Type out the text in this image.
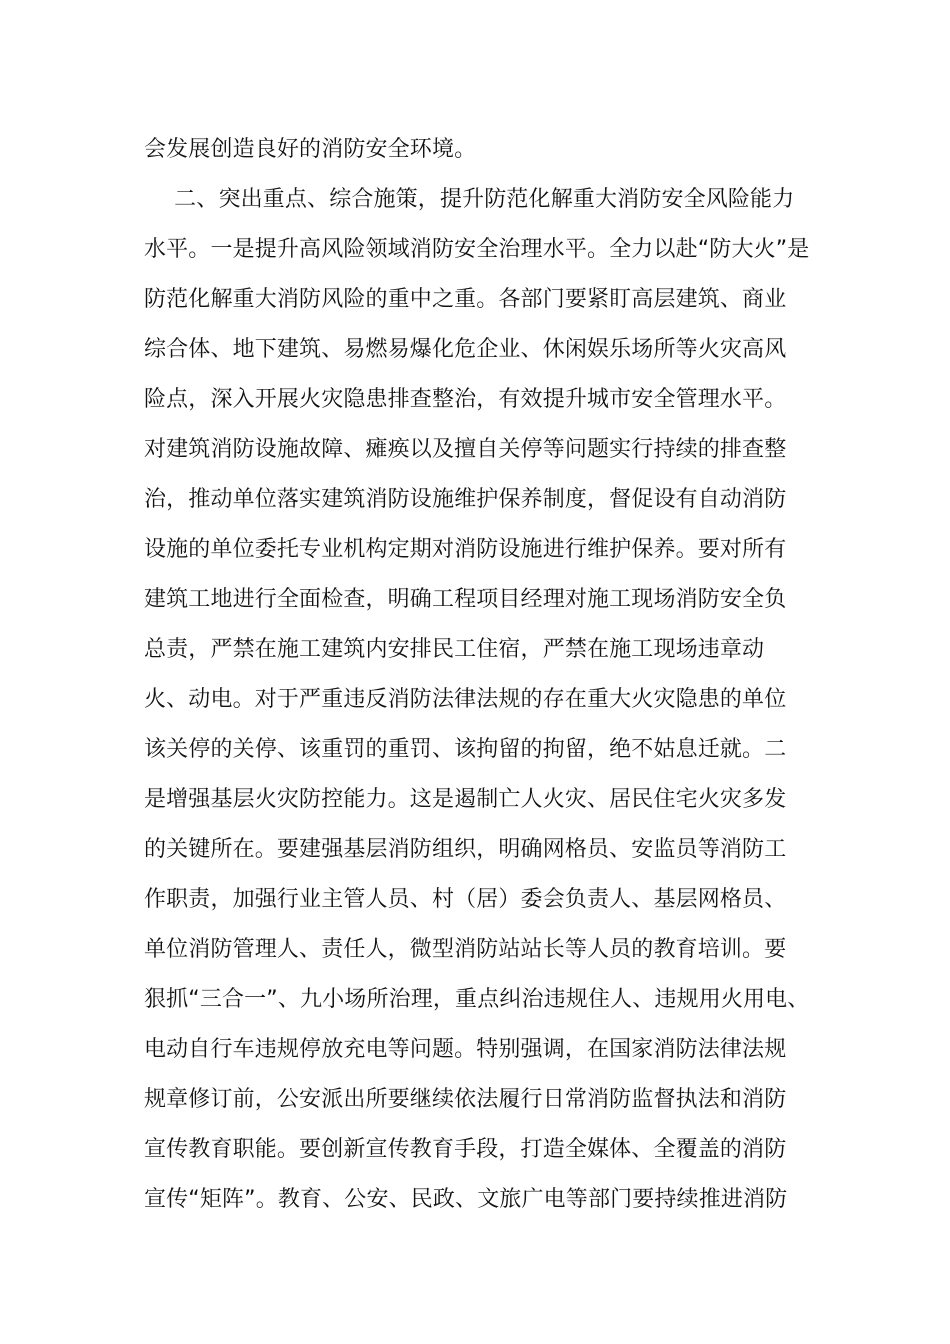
会发展创造良好的消防安全环境。
　二、突出重点、综合施策，提升防范化解重大消防安全风险能力
水平。一是提升高风险领域消防安全治理水平。全力以赴“防大火”是
防范化解重大消防风险的重中之重。各部门要紧盯高层建筑、商业
综合体、地下建筑、易燃易爆化危企业、休闲娱乐场所等火灾高风
险点，深入开展火灾隐患排查整治，有效提升城市安全管理水平。
对建筑消防设施故障、瘫痪以及擅自关停等问题实行持续的排查整
治，推动单位落实建筑消防设施维护保养制度，督促设有自动消防
设施的单位委托专业机构定期对消防设施进行维护保养。要对所有
建筑工地进行全面检查，明确工程项目经理对施工现场消防安全负
总责，严禁在施工建筑内安排民工住宿，严禁在施工现场违章动
火、动电。对于严重违反消防法律法规的存在重大火灾隐患的单位
该关停的关停、该重罚的重罚、该拘留的拘留，绝不姑息迁就。二
是增强基层火灾防控能力。这是遏制亡人火灾、居民住宅火灾多发
的关键所在。要建强基层消防组织，明确网格员、安监员等消防工
作职责，加强行业主管人员、村（居）委会负责人、基层网格员、
单位消防管理人、责任人，微型消防站站长等人员的教育培训。要
狠抓“三合一”、九小场所治理，重点纠治违规住人、违规用火用电、
电动自行车违规停放充电等问题。特别强调，在国家消防法律法规
规章修订前，公安派出所要继续依法履行日常消防监督执法和消防
宣传教育职能。要创新宣传教育手段，打造全媒体、全覆盖的消防
宣传“矩阵”。教育、公安、民政、文旅广电等部门要持续推进消防
